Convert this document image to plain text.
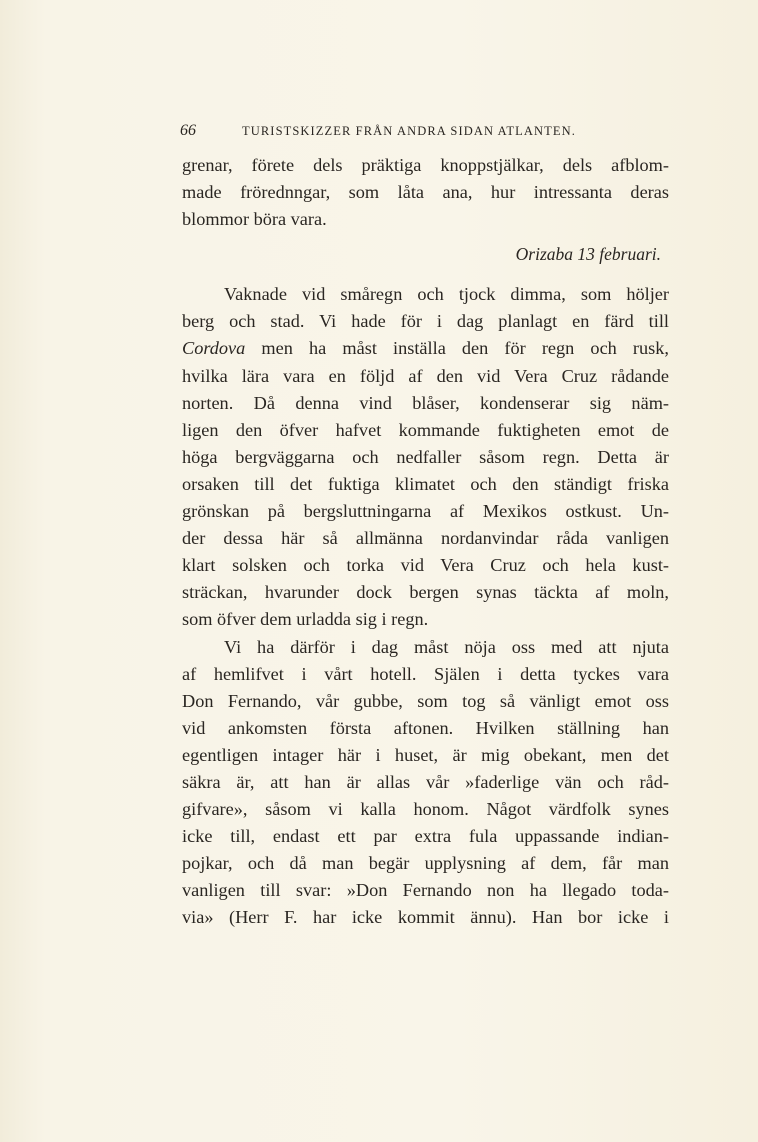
66	TURISTSKIZZER FRÅN ANDRA SIDAN ATLANTEN.
grenar, förete dels präktiga knoppstjälkar, dels afblom-
made frörednngar, som låta ana, hur intressanta deras
blommor böra vara.
Orizaba 13 februari.
Vaknade vid småregn och tjock dimma, som höljer
berg och stad. Vi hade för i dag planlagt en färd till
Cordova men ha måst inställa den för regn och rusk,
hvilka lära vara en följd af den vid Vera Cruz rådande
norten. Då denna vind blåser, kondenserar sig näm-
ligen den öfver hafvet kommande fuktigheten emot de
höga bergväggarna och nedfaller såsom regn. Detta är
orsaken till det fuktiga klimatet och den ständigt friska
grönskan på bergsluttningarna af Mexikos ostkust. Un-
der dessa här så allmänna nordanvindar råda vanligen
klart solsken och torka vid Vera Cruz och hela kust-
sträckan, hvarunder dock bergen synas täckta af moln,
som öfver dem urladda sig i regn.
Vi ha därför i dag måst nöja oss med att njuta
af hemlifvet i vårt hotell. Själen i detta tyckes vara
Don Fernando, vår gubbe, som tog så vänligt emot oss
vid ankomsten första aftonen. Hvilken ställning han
egentligen intager här i huset, är mig obekant, men det
säkra är, att han är allas vår »faderlige vän och råd-
gifvare», såsom vi kalla honom. Något värdfolk synes
icke till, endast ett par extra fula uppassande indian-
pojkar, och då man begär upplysning af dem, får man
vanligen till svar: »Don Fernando non ha llegado toda-
via» (Herr F. har icke kommit ännu). Han bor icke i
